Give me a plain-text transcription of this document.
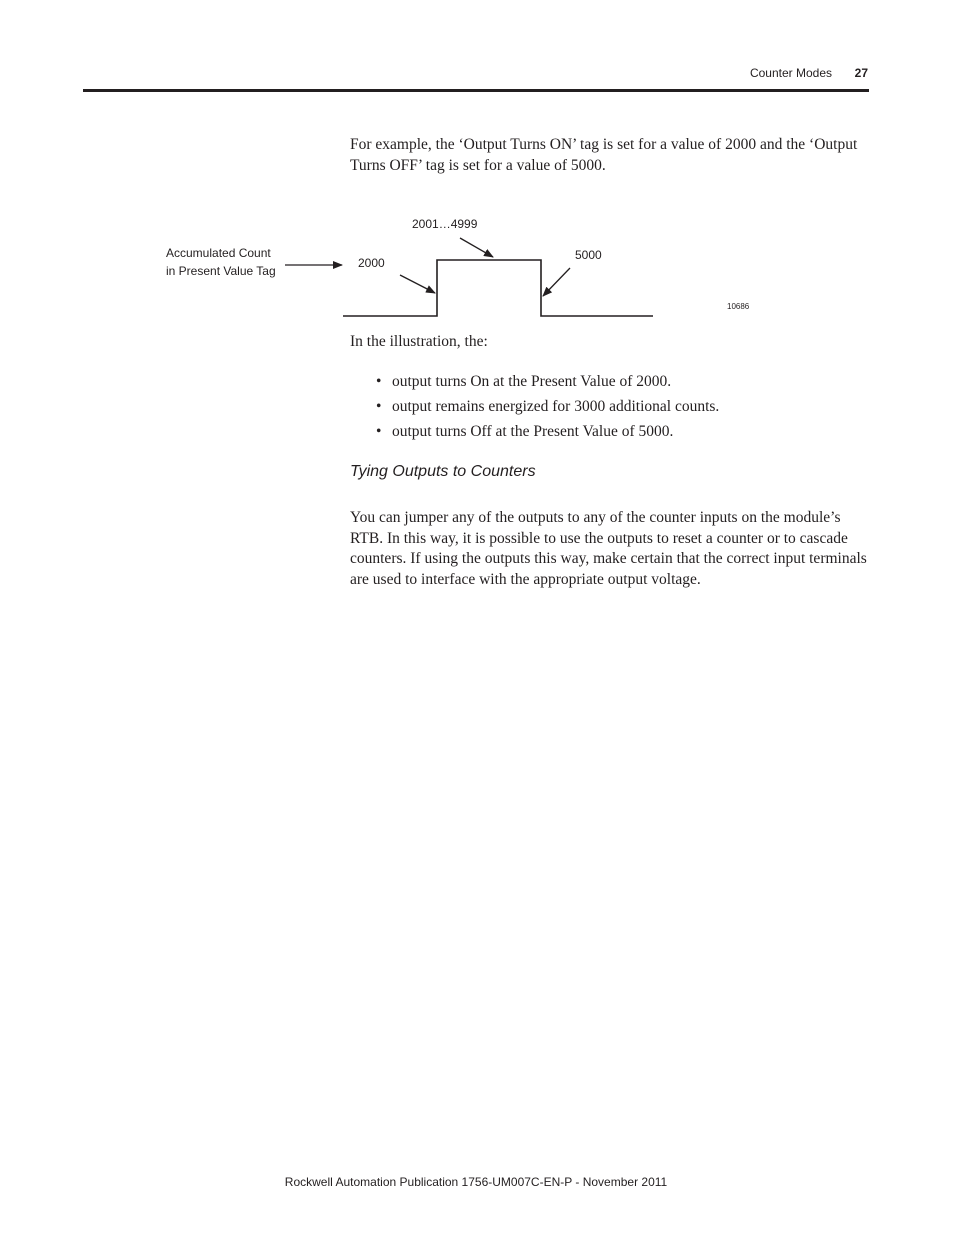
Counter Modes 27
For example, the ‘Output Turns ON’ tag is set for a value of 2000 and the ‘Output Turns OFF’ tag is set for a value of 5000.
Accumulated Count
in Present Value Tag
2000
2001…4999
5000
10686
In the illustration, the:
• output turns On at the Present Value of 2000.
• output remains energized for 3000 additional counts.
• output turns Off at the Present Value of 5000.
Tying Outputs to Counters
You can jumper any of the outputs to any of the counter inputs on the module’s RTB. In this way, it is possible to use the outputs to reset a counter or to cascade counters. If using the outputs this way, make certain that the correct input terminals are used to interface with the appropriate output voltage.
Rockwell Automation Publication 1756-UM007C-EN-P - November 2011
